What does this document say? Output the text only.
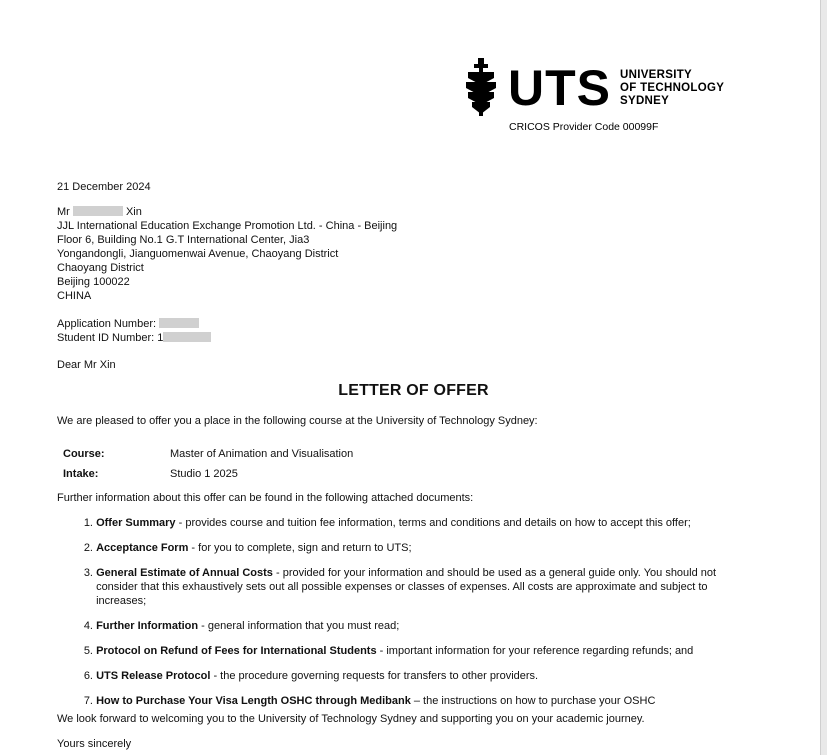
UTS UNIVERSITY
OF TECHNOLOGY
SYDNEY
CRICOS Provider Code 00099F
21 December 2024
Mr	Xin
JJL International Education Exchange Promotion Ltd. - China - Beijing
Floor 6, Building No.1 G.T International Center, Jia3
Yongandongli, Jianguomenwai Avenue, Chaoyang District
Chaoyang District
Beijing 100022
CHINA
Application Number:
Student ID Number: 1
Dear Mr Xin
LETTER OF OFFER
We are pleased to offer you a place in the following course at the University of Technology Sydney:
Course:	Master of Animation and Visualisation
Intake:	Studio 1 2025
Further information about this offer can be found in the following attached documents:
1.
Offer Summary - provides course and tuition fee information, terms and conditions and details on how to accept this offer;
2.
Acceptance Form - for you to complete, sign and return to UTS;
3.
General Estimate of Annual Costs - provided for your information and should be used as a general guide only. You should not consider that this exhaustively sets out all possible expenses or classes of expenses. All costs are approximate and subject to increases;
4.
Further Information - general information that you must read;
5.
Protocol on Refund of Fees for International Students - important information for your reference regarding refunds; and
6.
UTS Release Protocol - the procedure governing requests for transfers to other providers.
7.
How to Purchase Your Visa Length OSHC through Medibank – the instructions on how to purchase your OSHC
We look forward to welcoming you to the University of Technology Sydney and supporting you on your academic journey.
Yours sincerely
